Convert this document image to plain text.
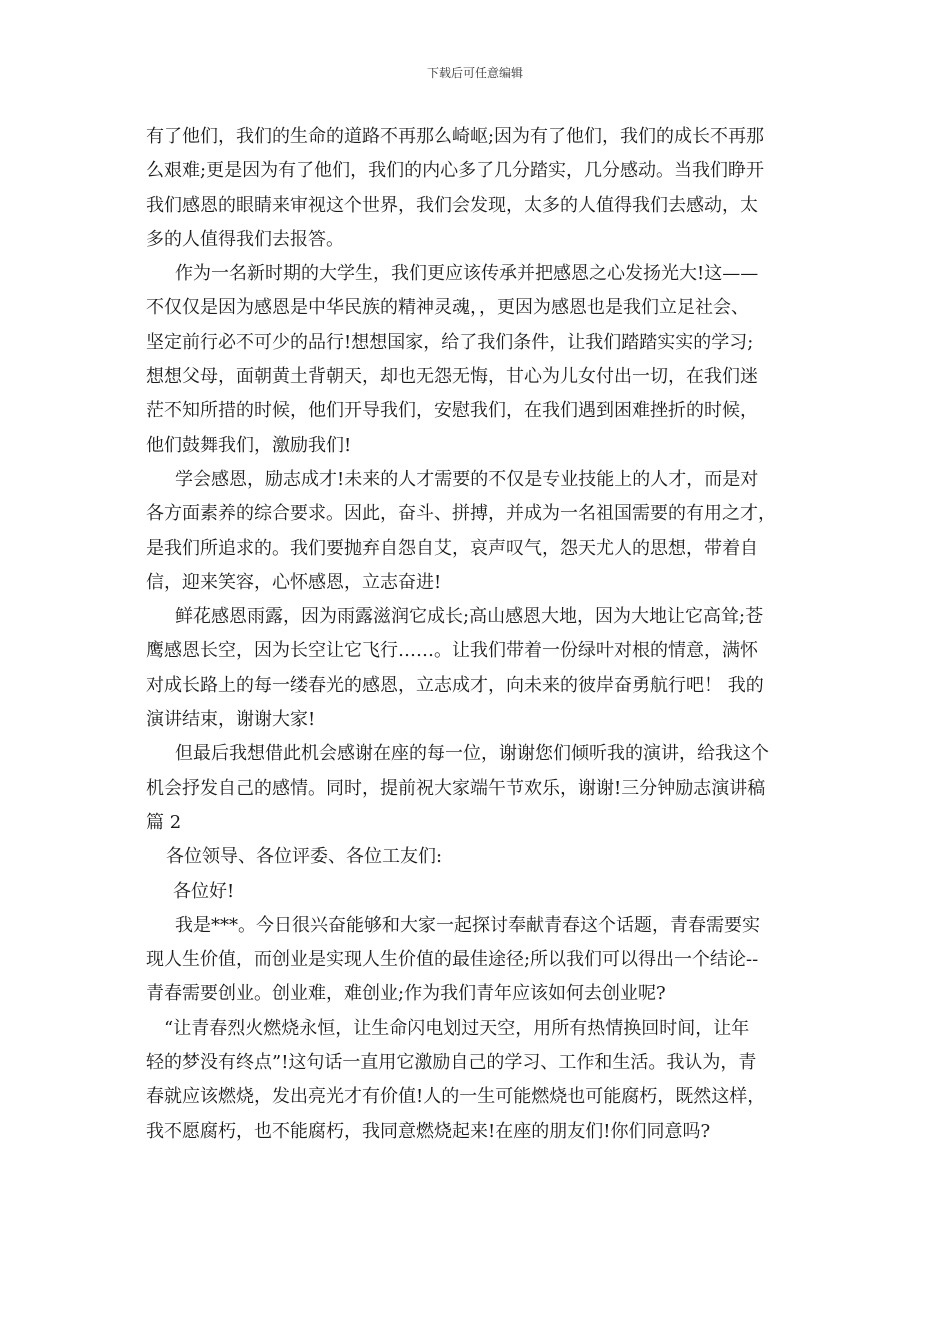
下载后可任意编辑
有了他们，我们的生命的道路不再那么崎岖;因为有了他们，我们的成长不再那
么艰难;更是因为有了他们，我们的内心多了几分踏实，几分感动。当我们睁开
我们感恩的眼睛来审视这个世界，我们会发现，太多的人值得我们去感动，太
多的人值得我们去报答。
作为一名新时期的大学生，我们更应该传承并把感恩之心发扬光大!这——
不仅仅是因为感恩是中华民族的精神灵魂，，更因为感恩也是我们立足社会、
坚定前行必不可少的品行!想想国家，给了我们条件，让我们踏踏实实的学习;
想想父母，面朝黄土背朝天，却也无怨无悔，甘心为儿女付出一切，在我们迷
茫不知所措的时候，他们开导我们，安慰我们，在我们遇到困难挫折的时候，
他们鼓舞我们，激励我们!
学会感恩，励志成才!未来的人才需要的不仅是专业技能上的人才，而是对
各方面素养的综合要求。因此，奋斗、拼搏，并成为一名祖国需要的有用之才，
是我们所追求的。我们要抛弃自怨自艾，哀声叹气，怨天尤人的思想，带着自
信，迎来笑容，心怀感恩，立志奋进!
鲜花感恩雨露，因为雨露滋润它成长;高山感恩大地，因为大地让它高耸;苍
鹰感恩长空，因为长空让它飞行……。让我们带着一份绿叶对根的情意，满怀
对成长路上的每一缕春光的感恩，立志成才，向未来的彼岸奋勇航行吧！ 我的
演讲结束，谢谢大家!
但最后我想借此机会感谢在座的每一位，谢谢您们倾听我的演讲，给我这个
机会抒发自己的感情。同时，提前祝大家端午节欢乐，谢谢!三分钟励志演讲稿
篇 2
各位领导、各位评委、各位工友们:
各位好!
我是***。今日很兴奋能够和大家一起探讨奉献青春这个话题，青春需要实
现人生价值，而创业是实现人生价值的最佳途径;所以我们可以得出一个结论--
青春需要创业。创业难，难创业;作为我们青年应该如何去创业呢?
“让青春烈火燃烧永恒，让生命闪电划过天空，用所有热情换回时间，让年
轻的梦没有终点”!这句话一直用它激励自己的学习、工作和生活。我认为，青
春就应该燃烧，发出亮光才有价值!人的一生可能燃烧也可能腐朽，既然这样，
我不愿腐朽，也不能腐朽，我同意燃烧起来!在座的朋友们!你们同意吗?
